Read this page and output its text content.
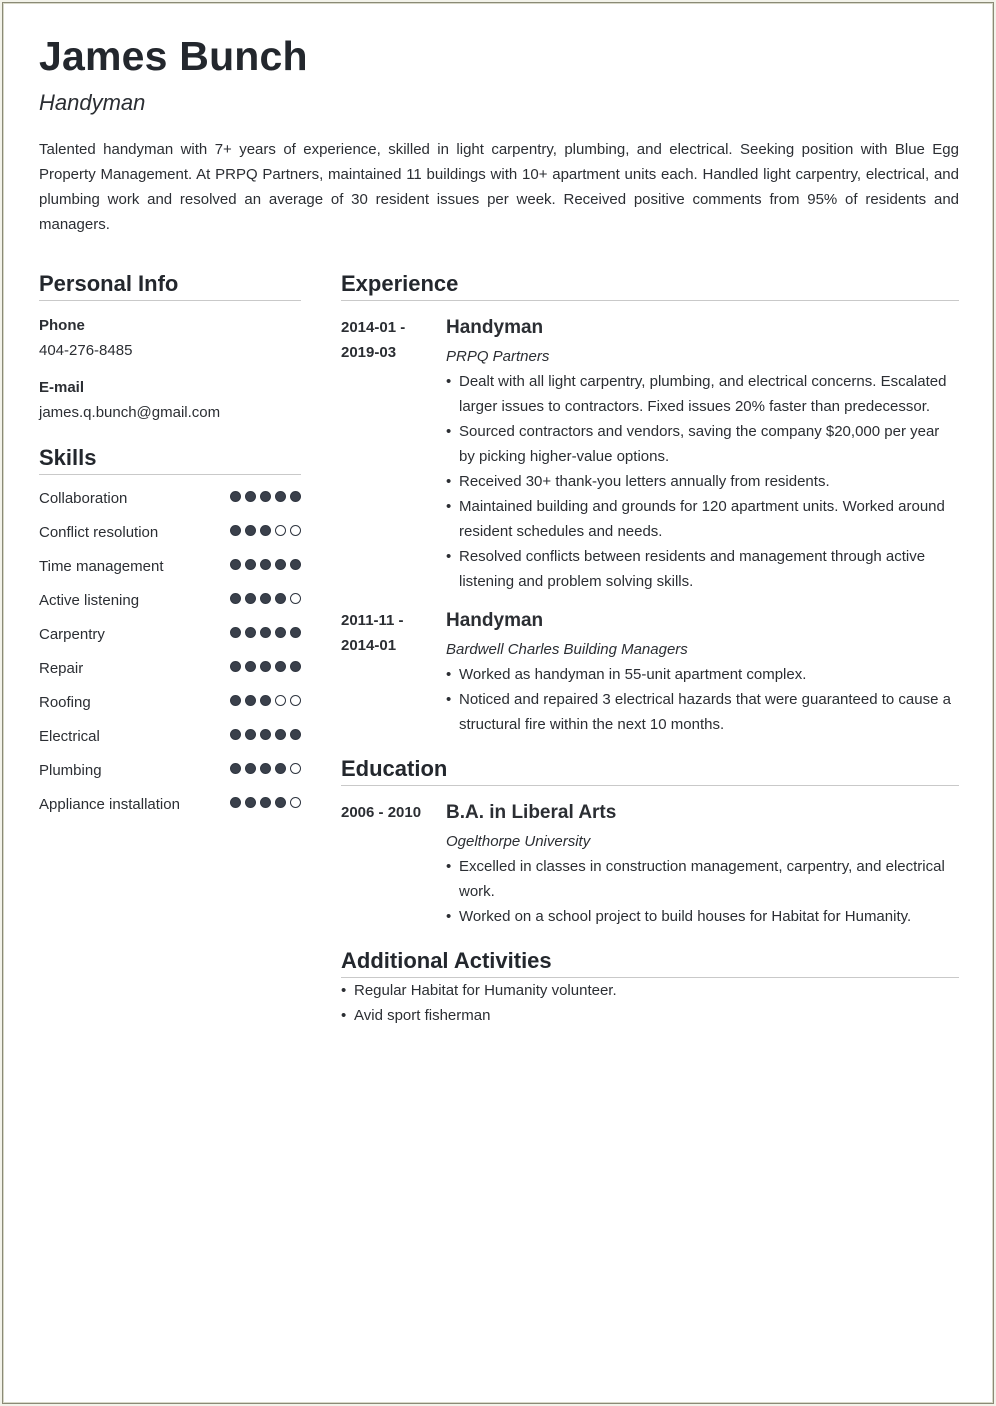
James Bunch
Handyman

Talented handyman with 7+ years of experience, skilled in light carpentry, plumbing, and electrical. Seeking position with Blue Egg Property Management. At PRPQ Partners, maintained 11 buildings with 10+ apartment units each. Handled light carpentry, electrical, and plumbing work and resolved an average of 30 resident issues per week. Received positive comments from 95% of residents and managers.

Personal Info
Phone
404-276-8485
E-mail
james.q.bunch@gmail.com
Skills
Collaboration
Conflict resolution
Time management
Active listening
Carpentry
Repair
Roofing
Electrical
Plumbing
Appliance installation
Experience
2014-01 - 2019-03
Handyman
PRPQ Partners
• Dealt with all light carpentry, plumbing, and electrical concerns. Escalated larger issues to contractors. Fixed issues 20% faster than predecessor.
• Sourced contractors and vendors, saving the company $20,000 per year by picking higher-value options.
• Received 30+ thank-you letters annually from residents.
• Maintained building and grounds for 120 apartment units. Worked around resident schedules and needs.
• Resolved conflicts between residents and management through active listening and problem solving skills.
2011-11 - 2014-01
Handyman
Bardwell Charles Building Managers
• Worked as handyman in 55-unit apartment complex.
• Noticed and repaired 3 electrical hazards that were guaranteed to cause a structural fire within the next 10 months.
Education
2006 - 2010	B.A. in Liberal Arts
Ogelthorpe University
• Excelled in classes in construction management, carpentry, and electrical work.
• Worked on a school project to build houses for Habitat for Humanity.
Additional Activities
• Regular Habitat for Humanity volunteer.
• Avid sport fisherman
